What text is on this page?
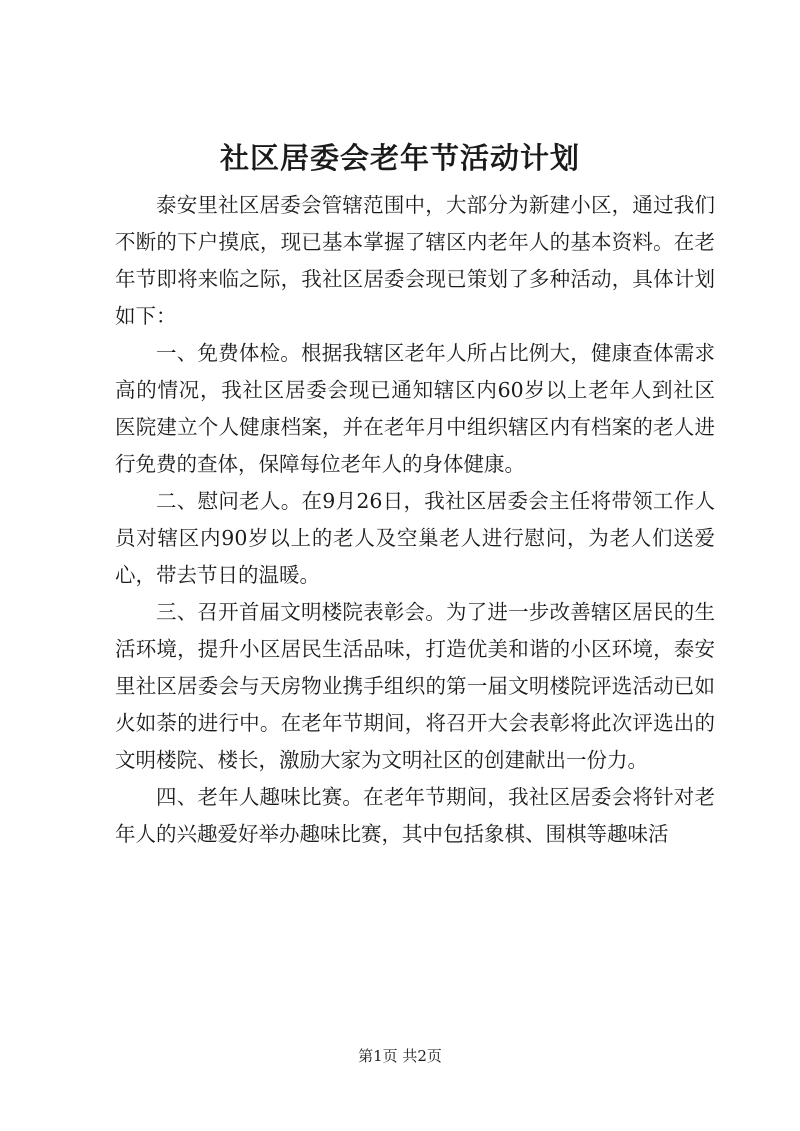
社区居委会老年节活动计划

泰安里社区居委会管辖范围中，大部分为新建小区，通过我们不断的下户摸底，现已基本掌握了辖区内老年人的基本资料。在老年节即将来临之际，我社区居委会现已策划了多种活动，具体计划如下：

一、免费体检。根据我辖区老年人所占比例大，健康查体需求高的情况，我社区居委会现已通知辖区内60岁以上老年人到社区医院建立个人健康档案，并在老年月中组织辖区内有档案的老人进行免费的查体，保障每位老年人的身体健康。

二、慰问老人。在9月26日，我社区居委会主任将带领工作人员对辖区内90岁以上的老人及空巢老人进行慰问，为老人们送爱心，带去节日的温暖。

三、召开首届文明楼院表彰会。为了进一步改善辖区居民的生活环境，提升小区居民生活品味，打造优美和谐的小区环境，泰安里社区居委会与天房物业携手组织的第一届文明楼院评选活动已如火如荼的进行中。在老年节期间，将召开大会表彰将此次评选出的文明楼院、楼长，激励大家为文明社区的创建献出一份力。

四、老年人趣味比赛。在老年节期间，我社区居委会将针对老年人的兴趣爱好举办趣味比赛，其中包括象棋、围棋等趣味活

第1页 共2页
